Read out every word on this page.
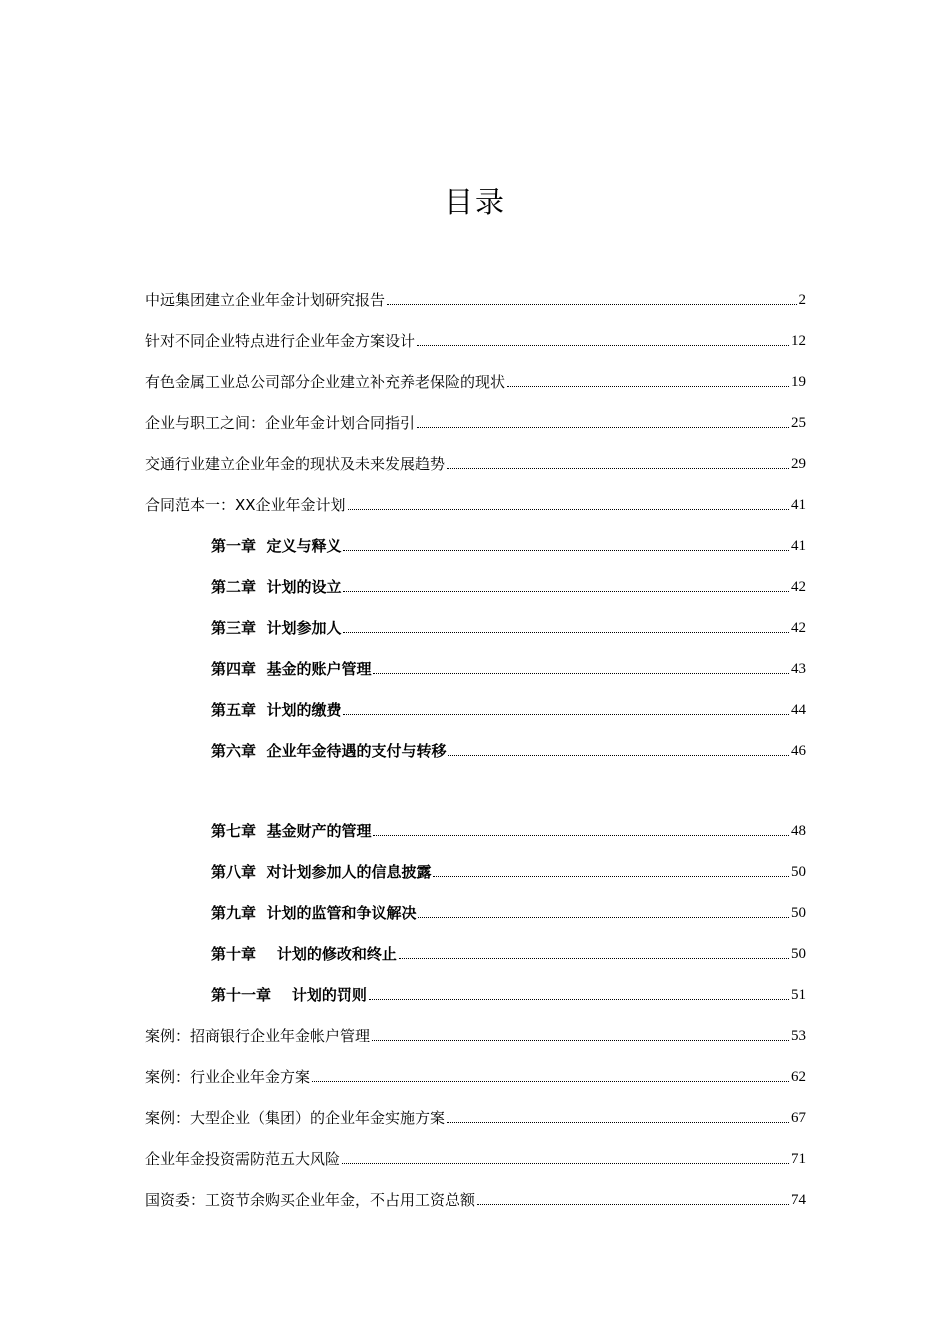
目录
中远集团建立企业年金计划研究报告	2
针对不同企业特点进行企业年金方案设计	12
有色金属工业总公司部分企业建立补充养老保险的现状	19
企业与职工之间：企业年金计划合同指引	25
交通行业建立企业年金的现状及未来发展趋势	29
合同范本一：XX企业年金计划	41
第一章  定义与释义	41
第二章  计划的设立	42
第三章  计划参加人	42
第四章  基金的账户管理	43
第五章  计划的缴费	44
第六章  企业年金待遇的支付与转移	46
第七章  基金财产的管理	48
第八章  对计划参加人的信息披露	50
第九章  计划的监管和争议解决	50
第十章    计划的修改和终止	50
第十一章    计划的罚则	51
案例：招商银行企业年金帐户管理	53
案例：行业企业年金方案	62
案例：大型企业（集团）的企业年金实施方案	67
企业年金投资需防范五大风险	71
国资委：工资节余购买企业年金，不占用工资总额	74
